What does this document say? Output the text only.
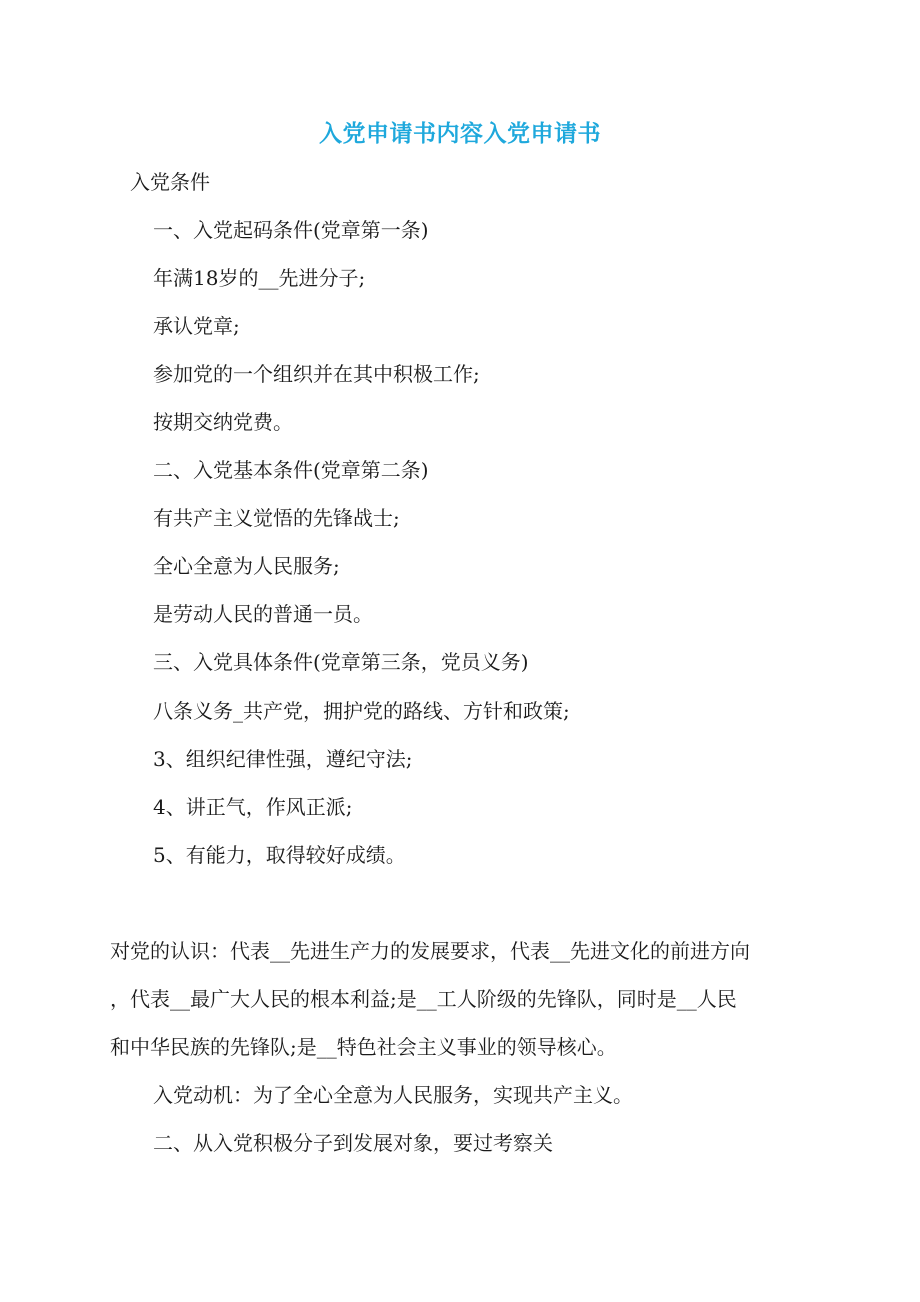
入党申请书内容入党申请书
入党条件
一、入党起码条件(党章第一条)
年满18岁的__先进分子;
承认党章;
参加党的一个组织并在其中积极工作;
按期交纳党费。
二、入党基本条件(党章第二条)
有共产主义觉悟的先锋战士;
全心全意为人民服务;
是劳动人民的普通一员。
三、入党具体条件(党章第三条，党员义务)
八条义务_共产党，拥护党的路线、方针和政策;
3、组织纪律性强，遵纪守法;
4、讲正气，作风正派;
5、有能力，取得较好成绩。
对党的认识：代表__先进生产力的发展要求，代表__先进文化的前进方向
，代表__最广大人民的根本利益;是__工人阶级的先锋队，同时是__人民
和中华民族的先锋队;是__特色社会主义事业的领导核心。
入党动机：为了全心全意为人民服务，实现共产主义。
二、从入党积极分子到发展对象，要过考察关
